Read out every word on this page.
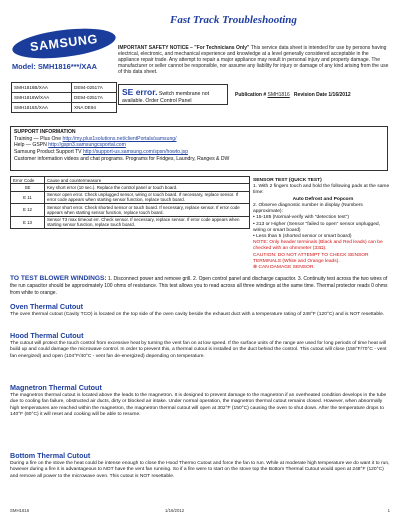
SAMSUNG
Model: SMH1816***/XAA
Fast Track Troubleshooting
IMPORTANT SAFETY NOTICE – "For Technicians Only" This service data sheet is intended for use by persons having electrical, electronic, and mechanical experience and knowledge at a level generally considered acceptable in the appliance repair trade. Any attempt to repair a major appliance may result in personal injury and property damage. The manufacturer or seller cannot be responsible, nor assume any liability for injury or damage of any kind arising from the use of this data sheet.
SMH1816B/XAA	DE94-02517A
SMH1816W/XAA	DE94-02517A
SMH1816S/XAA	XNA DE94
SE error. Switch membrane not available. Order Control Panel
Publication # SMH1816 Revision Date 1/16/2012
SUPPORT INFORMATION
Training — Plus One http://my.plus1solutions.net/clientPortals/samsung/
Help — GSPN http://gspn3.samsungcsportal.com
Samsung Product Support TV http://support-us.samsung.com/spsn/howto.jsp
Customer information videos and chat programs. Programs for Fridges, Laundry, Ranges & DW
Error Code	Cause and countermeasure
SE	Key short error (10 sec.). Replace the control panel or touch board.
E 11	Sensor open error. Check unplugged sensor, wiring or touch board. If necessary, replace sensor. If error code appears when starting sensor function, replace touch board.
E 12	Sensor short error. Check shorted sensor or touch board. If necessary, replace sensor. If error code appears when starting sensor function, replace touch board.
E 13	Sensor T3 max timeout err. Check sensor. If necessary, replace sensor. If error code appears when starting sensor function, replace touch board.
SENSOR TEST (QUICK TEST)
1. With 2 fingers touch and hold the following pads at the same time:
Auto Defrost and Popcorn
2. Observe diagnostic number in display (Numbers approximate):
• 15-185 (Normal-verify with "detection test")
• 213 or Higher (Sensor "failed to open" sensor unplugged, wiring or smart board)
• Less than 5 (shorted sensor or smart board)
NOTE: Only header terminals (Black and Red leads) can be checked with an ohmmeter (33Ω).
CAUTION: DO NOT ATTEMPT TO CHECK SENSOR TERMINALS (White and Orange leads).
⊗ CAN DAMAGE SENSOR.
TO TEST BLOWER WINDINGS: 1. Disconnect power and remove grill. 2. Open control panel and discharge capacitor. 3. Continuity test across the two wires of the run capacitor should be approximately 100 ohms of resistance. This test allows you to read across all three windings at the same time. Thermal protector reads 0 ohms from white to orange.
Oven Thermal Cutout
The oven thermal cutout (Cavity TCO) is located on the top side of the oven cavity beside the exhaust duct with a temperature rating of 248°F (120°C) and is NOT resettable.
Hood Thermal Cutout
The cutout will protect the touch control from excessive heat by turning the vent fan on at low speed. If the surface units of the range are used for long periods of time heat will build up and could damage the microwave control. In order to prevent this, a thermal cutout is installed on the duct behind the control. This cutout will close (158°F/70°C - vent fan energized) and open (104°F/40°C - vent fan de-energized) depending on temperature.
Magnetron Thermal Cutout
The magnetron thermal cutout is located above the leads to the magnetron. It is designed to prevent damage to the magnetron if an overheated condition develops in the tube due to cooling fan failure, obstructed air ducts, dirty or blocked air intake. Under normal operation, the magnetron thermal cutout remains closed. However, when abnormally high temperatures are reached within the magnetron, the magnetron thermal cutout will open at 302°F (150°C) causing the oven to shut down. After the temperature drops to 140°F (60°C) it will reset and cooking will be able to resume.
Bottom Thermal Cutout
During a fire on the stove the heat could be intense enough to close the Hood Thermo Cutout and force the fan to run. While at moderate high temperature we do want it to run, however during a fire it is advantageous to NOT have the vent fan running. So if a fire were to start on the stove top the Bottom Thermal Cutout would open at 248°F (120°C) and remove all power to the microwave oven. This cutout is NOT resettable.
SMH1816	1/16/2012	1
